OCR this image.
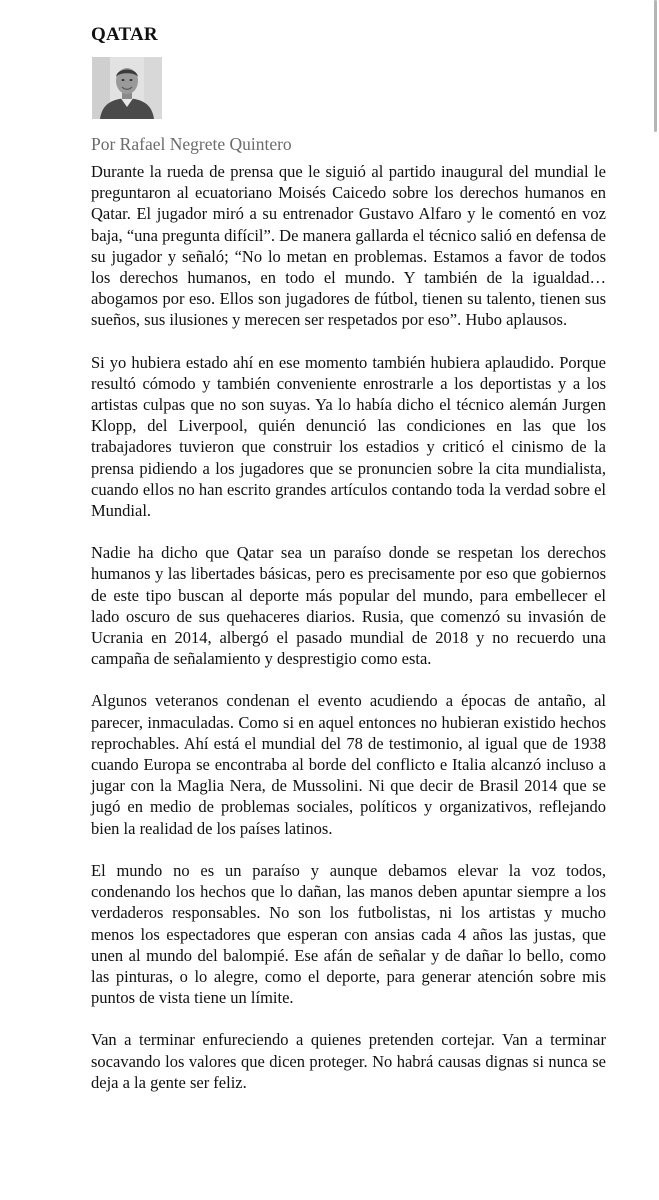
QATAR
Por Rafael Negrete Quintero

Durante la rueda de prensa que le siguió al partido inaugural del mundial le preguntaron al ecuatoriano Moisés Caicedo sobre los derechos humanos en Qatar. El jugador miró a su entrenador Gustavo Alfaro y le comentó en voz baja, “una pregunta difícil”. De manera gallarda el técnico salió en defensa de su jugador y señaló; “No lo metan en problemas. Estamos a favor de todos los derechos humanos, en todo el mundo. Y también de la igualdad… abogamos por eso. Ellos son jugadores de fútbol, tienen su talento, tienen sus sueños, sus ilusiones y merecen ser respetados por eso”. Hubo aplausos.

Si yo hubiera estado ahí en ese momento también hubiera aplaudido. Porque resultó cómodo y también conveniente enrostrarle a los deportistas y a los artistas culpas que no son suyas. Ya lo había dicho el técnico alemán Jurgen Klopp, del Liverpool, quién denunció las condiciones en las que los trabajadores tuvieron que construir los estadios y criticó el cinismo de la prensa pidiendo a los jugadores que se pronuncien sobre la cita mundialista, cuando ellos no han escrito grandes artículos contando toda la verdad sobre el Mundial.

Nadie ha dicho que Qatar sea un paraíso donde se respetan los derechos humanos y las libertades básicas, pero es precisamente por eso que gobiernos de este tipo buscan al deporte más popular del mundo, para embellecer el lado oscuro de sus quehaceres diarios. Rusia, que comenzó su invasión de Ucrania en 2014, albergó el pasado mundial de 2018 y no recuerdo una campaña de señalamiento y desprestigio como esta.

Algunos veteranos condenan el evento acudiendo a épocas de antaño, al parecer, inmaculadas. Como si en aquel entonces no hubieran existido hechos reprochables. Ahí está el mundial del 78 de testimonio, al igual que de 1938 cuando Europa se encontraba al borde del conflicto e Italia alcanzó incluso a jugar con la Maglia Nera, de Mussolini. Ni que decir de Brasil 2014 que se jugó en medio de problemas sociales, políticos y organizativos, reflejando bien la realidad de los países latinos.

El mundo no es un paraíso y aunque debamos elevar la voz todos, condenando los hechos que lo dañan, las manos deben apuntar siempre a los verdaderos responsables. No son los futbolistas, ni los artistas y mucho menos los espectadores que esperan con ansias cada 4 años las justas, que unen al mundo del balompié. Ese afán de señalar y de dañar lo bello, como las pinturas, o lo alegre, como el deporte, para generar atención sobre mis puntos de vista tiene un límite.

Van a terminar enfureciendo a quienes pretenden cortejar. Van a terminar socavando los valores que dicen proteger. No habrá causas dignas si nunca se deja a la gente ser feliz.
